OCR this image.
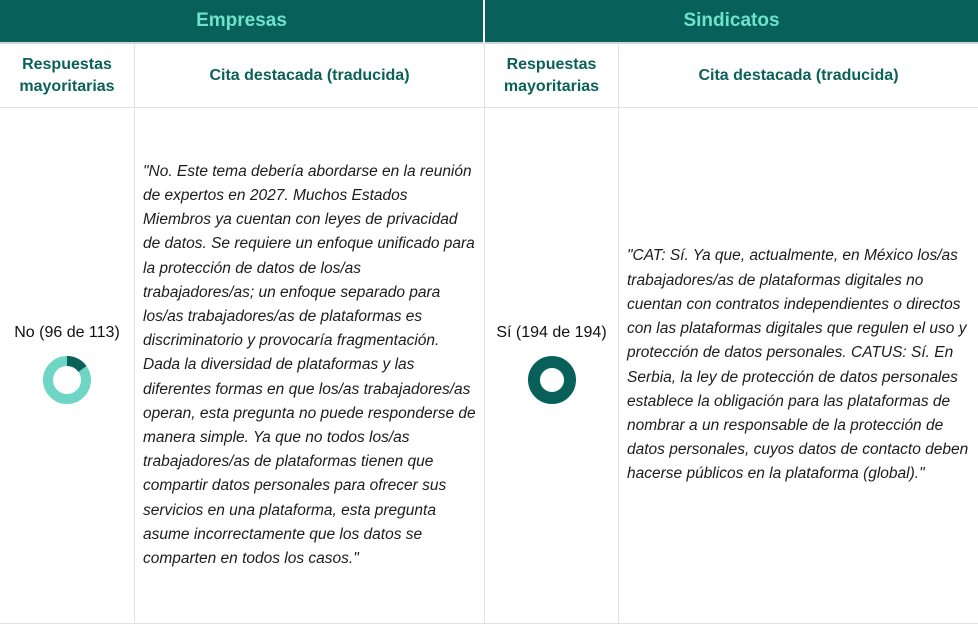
Empresas	Sindicatos
Respuestas mayoritarias
Cita destacada (traducida)
Respuestas mayoritarias
Cita destacada (traducida)
No (96 de 113)
"No. Este tema debería abordarse en la reunión de expertos en 2027. Muchos Estados Miembros ya cuentan con leyes de privacidad de datos. Se requiere un enfoque unificado para la protección de datos de los/as trabajadores/as; un enfoque separado para los/as trabajadores/as de plataformas es discriminatorio y provocaría fragmentación. Dada la diversidad de plataformas y las diferentes formas en que los/as trabajadores/as operan, esta pregunta no puede responderse de manera simple. Ya que no todos los/as trabajadores/as de plataformas tienen que compartir datos personales para ofrecer sus servicios en una plataforma, esta pregunta asume incorrectamente que los datos se comparten en todos los casos."
Sí (194 de 194)
"CAT: Sí. Ya que, actualmente, en México los/as trabajadores/as de plataformas digitales no cuentan con contratos independientes o directos con las plataformas digitales que regulen el uso y protección de datos personales. CATUS: Sí. En Serbia, la ley de protección de datos personales establece la obligación para las plataformas de nombrar a un responsable de la protección de datos personales, cuyos datos de contacto deben hacerse públicos en la plataforma (global)."
